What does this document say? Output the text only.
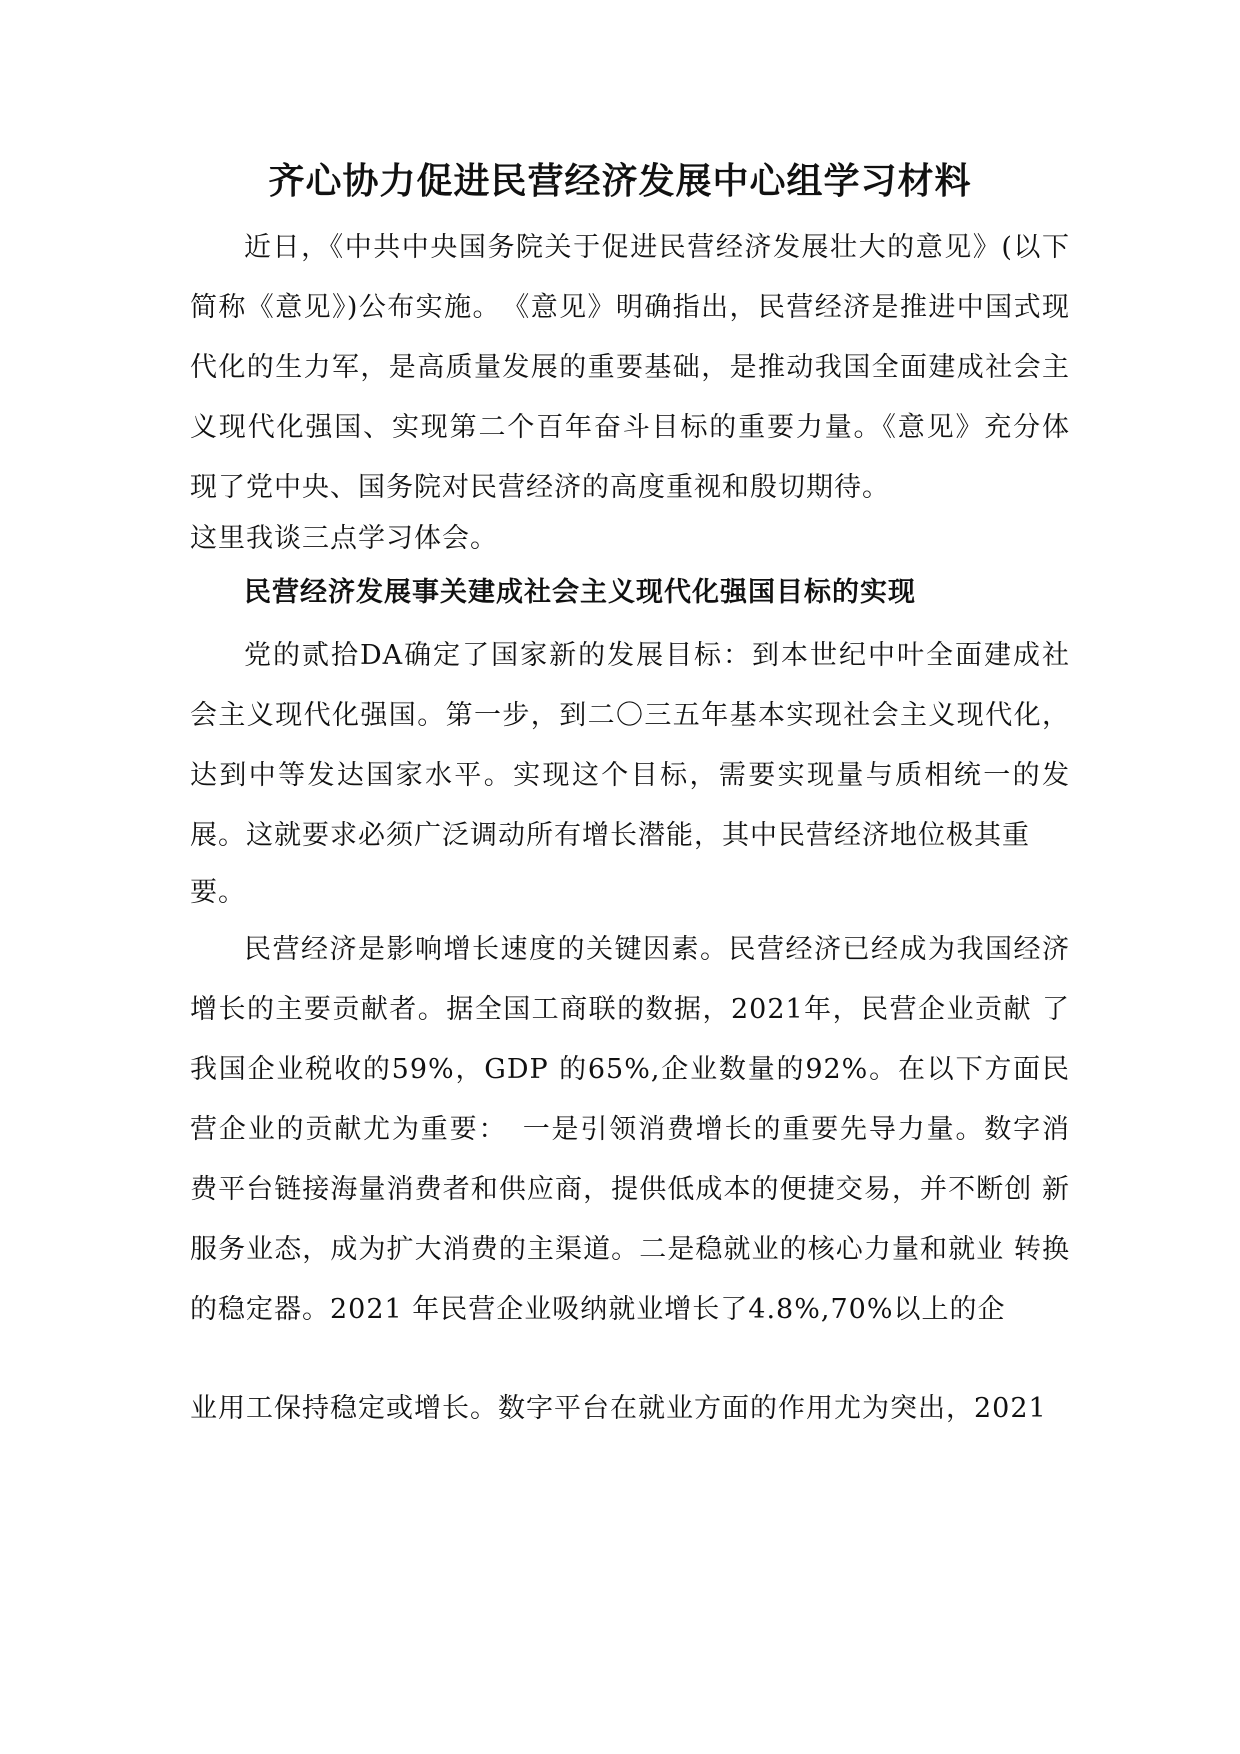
齐心协力促进民营经济发展中心组学习材料

近日，《中共中央国务院关于促进民营经济发展壮大的意见》(以下简称《意见》)公布实施。　《意见》明确指出，民营经济是推进中国式现代化的生力军，是高质量发展的重要基础，是推动我国全面建成社会主义现代化强国、实现第二个百年奋斗目标的重要力量。《意见》充分体现了党中央、国务院对民营经济的高度重视和殷切期待。

这里我谈三点学习体会。

民营经济发展事关建成社会主义现代化强国目标的实现

党的贰拾DA确定了国家新的发展目标：到本世纪中叶全面建成社会主义现代化强国。第一步，到二〇三五年基本实现社会主义现代化，达到中等发达国家水平。实现这个目标，需要实现量与质相统一的发展。这就要求必须广泛调动所有增长潜能，其中民营经济地位极其重

要。

民营经济是影响增长速度的关键因素。民营经济已经成为我国经济增长的主要贡献者。据全国工商联的数据，2021年，民营企业贡献 了我国企业税收的59%，GDP 的65%,企业数量的92%。在以下方面民 营企业的贡献尤为重要：　一是引领消费增长的重要先导力量。数字消 费平台链接海量消费者和供应商，提供低成本的便捷交易，并不断创 新服务业态，成为扩大消费的主渠道。二是稳就业的核心力量和就业 转换的稳定器。2021 年民营企业吸纳就业增长了4.8%,70%以上的企

业用工保持稳定或增长。数字平台在就业方面的作用尤为突出，2021
